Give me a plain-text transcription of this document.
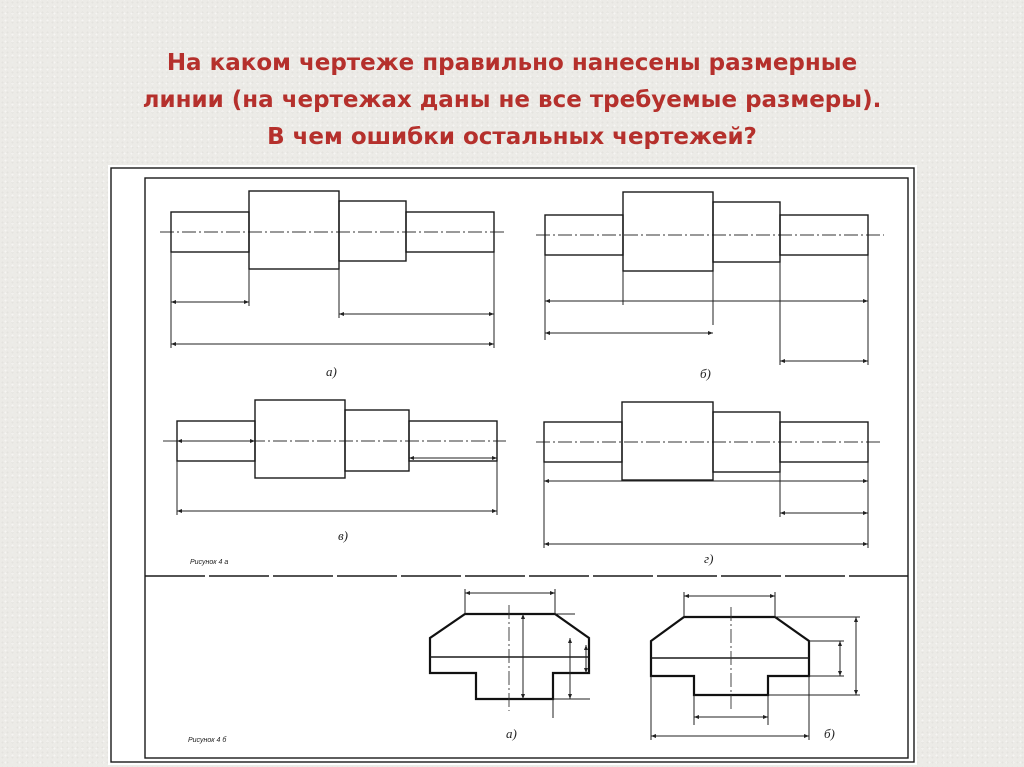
На каком чертеже правильно нанесены размерные
линии (на чертежах даны не все требуемые размеры).
В чем ошибки остальных чертежей?
а)	б)
в)
г)
Рисунок 4 а
а)	б)
Рисунок 4 б
